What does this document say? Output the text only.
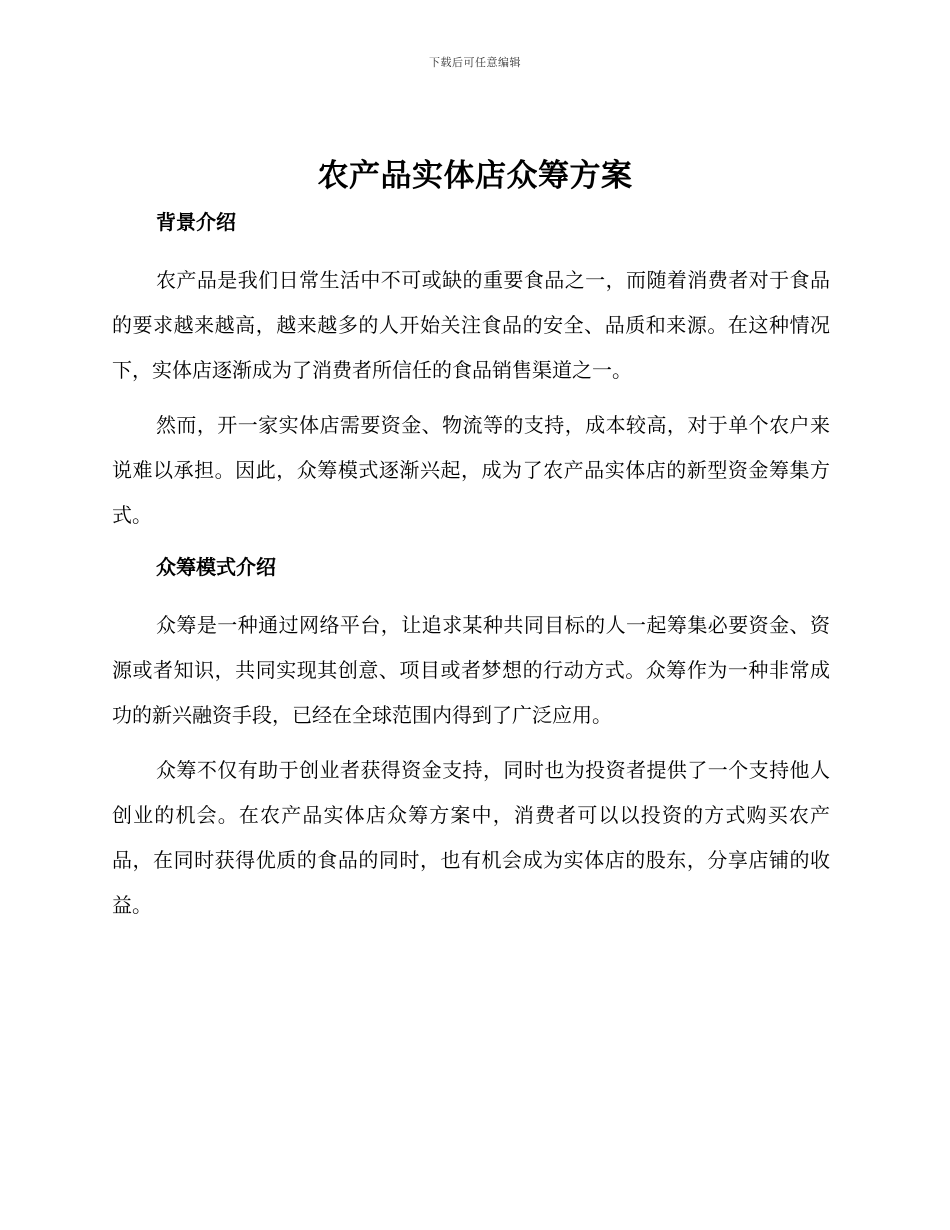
下载后可任意编辑
农产品实体店众筹方案
背景介绍

农产品是我们日常生活中不可或缺的重要食品之一，而随着消费者对于食品的要求越来越高，越来越多的人开始关注食品的安全、品质和来源。在这种情况下，实体店逐渐成为了消费者所信任的食品销售渠道之一。

然而，开一家实体店需要资金、物流等的支持，成本较高，对于单个农户来说难以承担。因此，众筹模式逐渐兴起，成为了农产品实体店的新型资金筹集方式。

众筹模式介绍

众筹是一种通过网络平台，让追求某种共同目标的人一起筹集必要资金、资源或者知识，共同实现其创意、项目或者梦想的行动方式。众筹作为一种非常成功的新兴融资手段，已经在全球范围内得到了广泛应用。

众筹不仅有助于创业者获得资金支持，同时也为投资者提供了一个支持他人创业的机会。在农产品实体店众筹方案中，消费者可以以投资的方式购买农产品，在同时获得优质的食品的同时，也有机会成为实体店的股东，分享店铺的收益。
